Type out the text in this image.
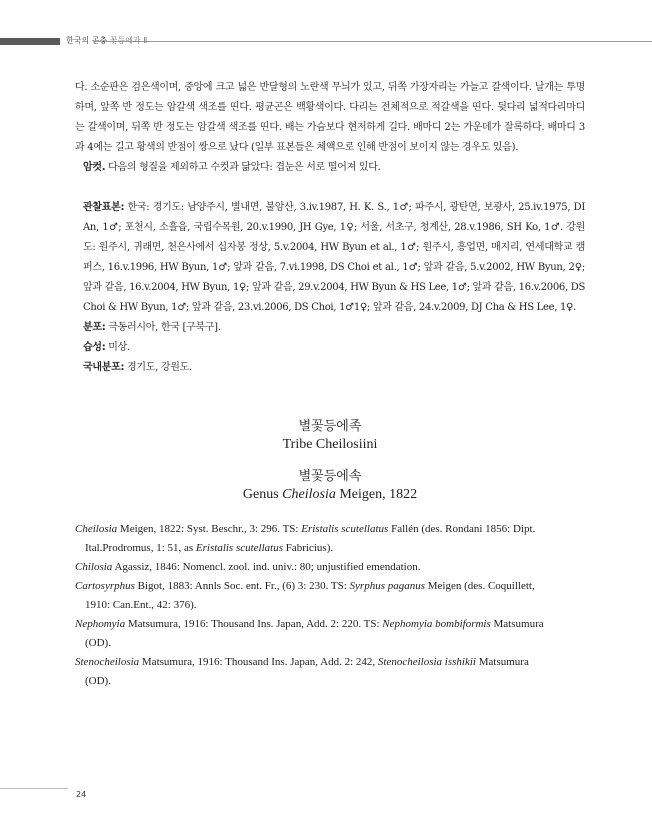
한국의 곤충 꽃등에과 Ⅱ

다. 소순판은 검은색이며, 중앙에 크고 넓은 반달형의 노란색 무늬가 있고, 뒤쪽 가장자리는 가늘고 갈색이다. 날개는 투명하며, 앞쪽 반 정도는 암갈색 색조를 띤다. 평균곤은 백황색이다. 다리는 전체적으로 적갈색을 띤다. 뒷다리 넓적다리마디는 갈색이며, 뒤쪽 반 정도는 암갈색 색조를 띤다. 배는 가슴보다 현저하게 길다. 배마디 2는 가운데가 잘록하다. 배마디 3과 4에는 길고 황색의 반점이 쌍으로 났다 (일부 표본들은 체액으로 인해 반점이 보이지 않는 경우도 있음).

암컷. 다음의 형질을 제외하고 수컷과 닮았다: 겹눈은 서로 떨어져 있다.

관찰표본: 한국: 경기도: 남양주시, 별내면, 불암산, 3.iv.1987, H. K. S., 1♂; 파주시, 광탄면, 보광사, 25.iv.1975, DI An, 1♂; 포천시, 소흘읍, 국립수목원, 20.v.1990, JH Gye, 1♀; 서울, 서초구, 청계산, 28.v.1986, SH Ko, 1♂. 강원도: 원주시, 귀래면, 천은사에서 십자봉 정상, 5.v.2004, HW Byun et al., 1♂; 원주시, 흥업면, 매지리, 연세대학교 캠퍼스, 16.v.1996, HW Byun, 1♂; 앞과 같음, 7.vi.1998, DS Choi et al., 1♂; 앞과 같음, 5.v.2002, HW Byun, 2♀; 앞과 같음, 16.v.2004, HW Byun, 1♀; 앞과 같음, 29.v.2004, HW Byun & HS Lee, 1♂; 앞과 같음, 16.v.2006, DS Choi & HW Byun, 1♂; 앞과 같음, 23.vi.2006, DS Choi, 1♂1♀; 앞과 같음, 24.v.2009, DJ Cha & HS Lee, 1♀.

분포: 극동러시아, 한국 [구북구].

습성: 미상.

국내분포: 경기도, 강원도.

별꽃등에족
Tribe Cheilosiini
별꽃등에속
Genus Cheilosia Meigen, 1822
Cheilosia Meigen, 1822: Syst. Beschr., 3: 296. TS: Eristalis scutellatus Fallén (des. Rondani 1856: Dipt.
Ital.Prodromus, 1: 51, as Eristalis scutellatus Fabricius).
Chilosia Agassiz, 1846: Nomencl. zool. ind. univ.: 80; unjustified emendation.
Cartosyrphus Bigot, 1883: Annls Soc. ent. Fr., (6) 3: 230. TS: Syrphus paganus Meigen (des. Coquillett,
1910: Can.Ent., 42: 376).
Nephomyia Matsumura, 1916: Thousand Ins. Japan, Add. 2: 220. TS: Nephomyia bombiformis Matsumura
(OD).
Stenocheilosia Matsumura, 1916: Thousand Ins. Japan, Add. 2: 242, Stenocheilosia isshikii Matsumura
(OD).
24
